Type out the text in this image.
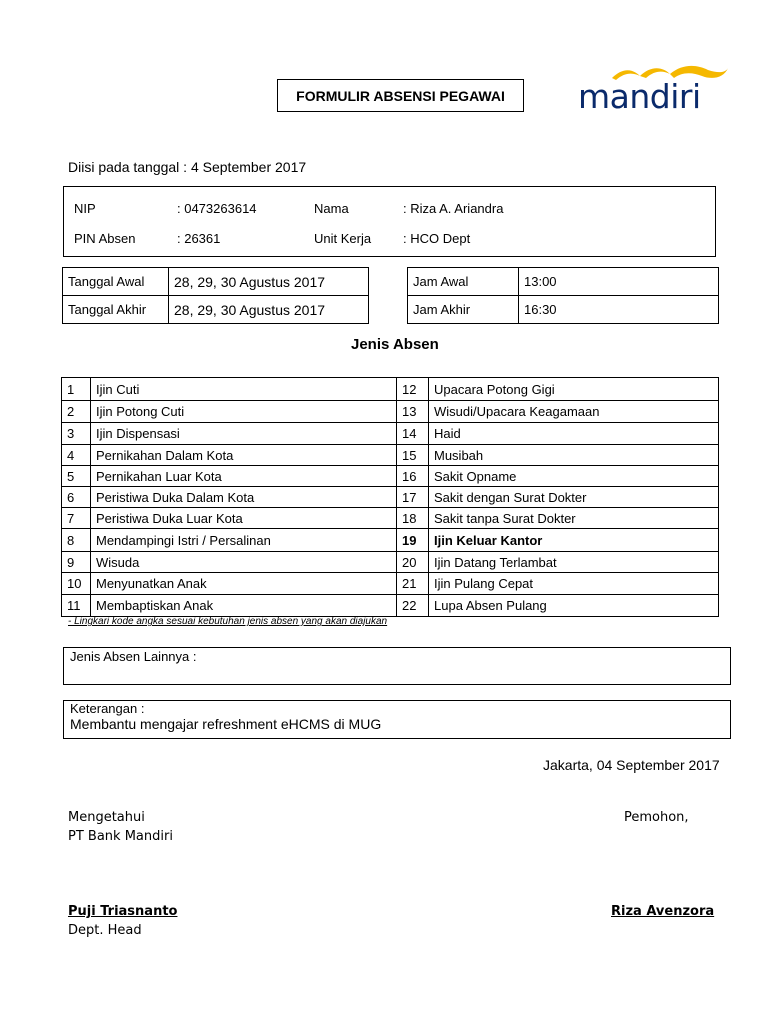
FORMULIR ABSENSI PEGAWAI	mandiri
Diisi pada tanggal : 4 September 2017
NIP	: 0473263614	Nama	: Riza A. Ariandra
PIN Absen	: 26361	Unit Kerja : HCO Dept
Tanggal Awal	28, 29, 30 Agustus 2017
Tanggal Akhir	28, 29, 30 Agustus 2017
Jam Awal	13:00
Jam Akhir	16:30
Jenis Absen
1	Ijin Cuti	12	Upacara Potong Gigi
2	Ijin Potong Cuti	13	Wisudi/Upacara Keagamaan
3	Ijin Dispensasi	14	Haid
4	Pernikahan Dalam Kota	15	Musibah
5	Pernikahan Luar Kota	16	Sakit Opname
6	Peristiwa Duka Dalam Kota	17	Sakit dengan Surat Dokter
7	Peristiwa Duka Luar Kota	18	Sakit tanpa Surat Dokter
8	Mendampingi Istri / Persalinan	19	Ijin Keluar Kantor
9	Wisuda	20	Ijin Datang Terlambat
10	Menyunatkan Anak	21	Ijin Pulang Cepat
11	Membaptiskan Anak	22	Lupa Absen Pulang
- Lingkari kode angka sesuai kebutuhan jenis absen yang akan diajukan
Jenis Absen Lainnya :
Keterangan :
Membantu mengajar refreshment eHCMS di MUG
Jakarta, 04 September 2017
Mengetahui
PT Bank Mandiri
Puji Triasnanto
Dept. Head
Pemohon,
Riza Avenzora
